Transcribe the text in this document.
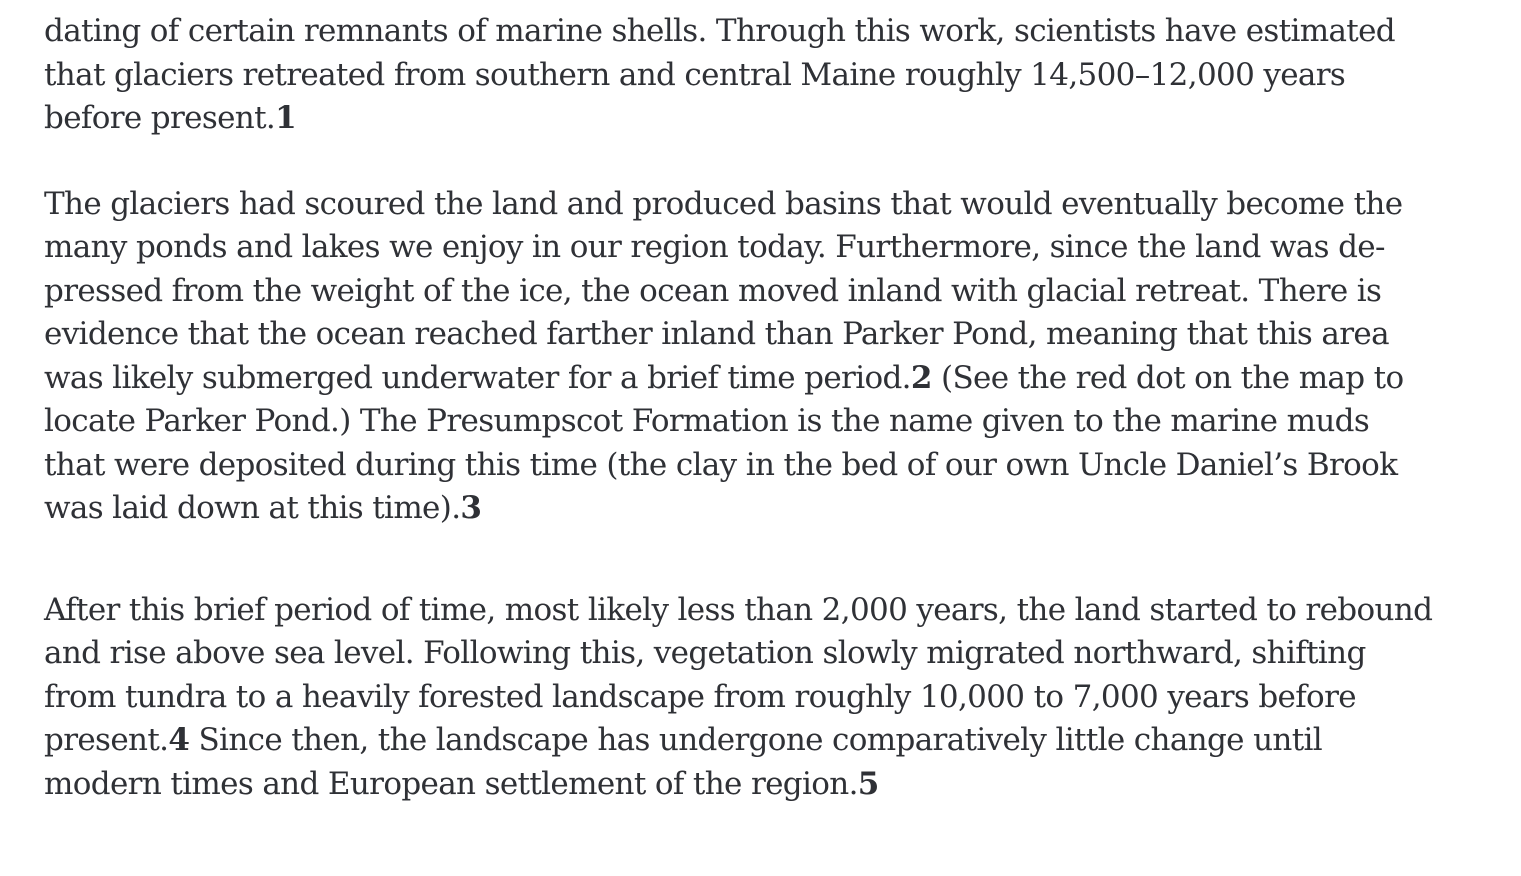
dating of certain remnants of marine shells. Through this work, scientists have estimated
that glaciers retreated from southern and central Maine roughly 14,500–12,000 years
before present.1

The glaciers had scoured the land and produced basins that would eventually become the
many ponds and lakes we enjoy in our region today. Furthermore, since the land was de-
pressed from the weight of the ice, the ocean moved inland with glacial retreat. There is
evidence that the ocean reached farther inland than Parker Pond, meaning that this area
was likely submerged underwater for a brief time period.2 (See the red dot on the map to
locate Parker Pond.) The Presumpscot Formation is the name given to the marine muds
that were deposited during this time (the clay in the bed of our own Uncle Daniel’s Brook
was laid down at this time).3

After this brief period of time, most likely less than 2,000 years, the land started to rebound
and rise above sea level. Following this, vegetation slowly migrated northward, shifting
from tundra to a heavily forested landscape from roughly 10,000 to 7,000 years before
present.4 Since then, the landscape has undergone comparatively little change until
modern times and European settlement of the region.5
